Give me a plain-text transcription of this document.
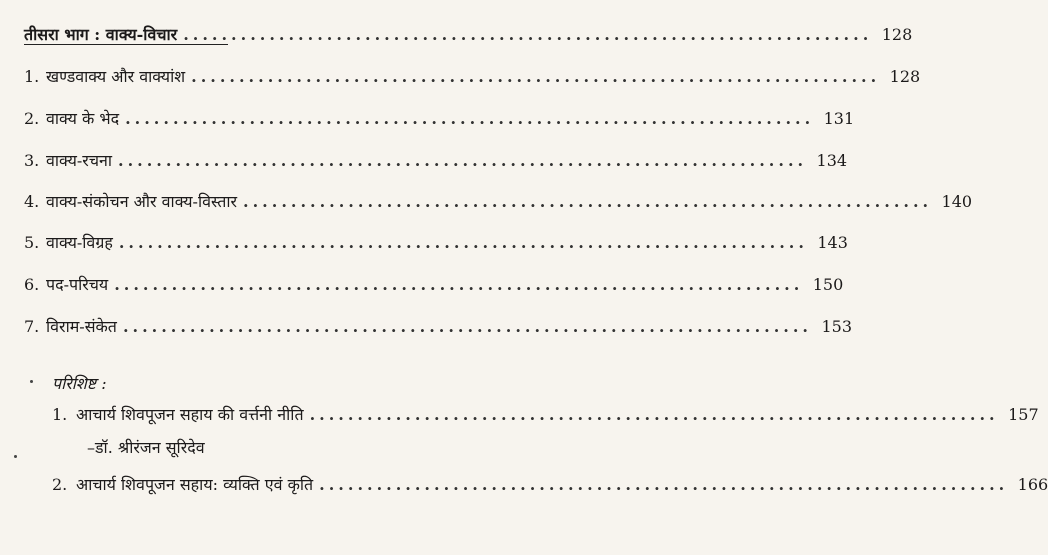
तीसरा भाग : वाक्य-विचार ........................................................................ 128
1. खण्डवाक्य और वाक्यांश ........................................................................ 128
2. वाक्य के भेद ........................................................................ 131
3. वाक्य-रचना ........................................................................ 134
4. वाक्य-संकोचन और वाक्य-विस्तार ........................................................................ 140
5. वाक्य-विग्रह ........................................................................ 143
6. पद-परिचय ........................................................................ 150
7. विराम-संकेत ........................................................................ 153
परिशिष्ट :
1. आचार्य शिवपूजन सहाय की वर्त्तनी नीति ........................................................................ 157
–डॉ. श्रीरंजन सूरिदेव
2. आचार्य शिवपूजन सहाय: व्यक्ति एवं कृति ........................................................................ 166
